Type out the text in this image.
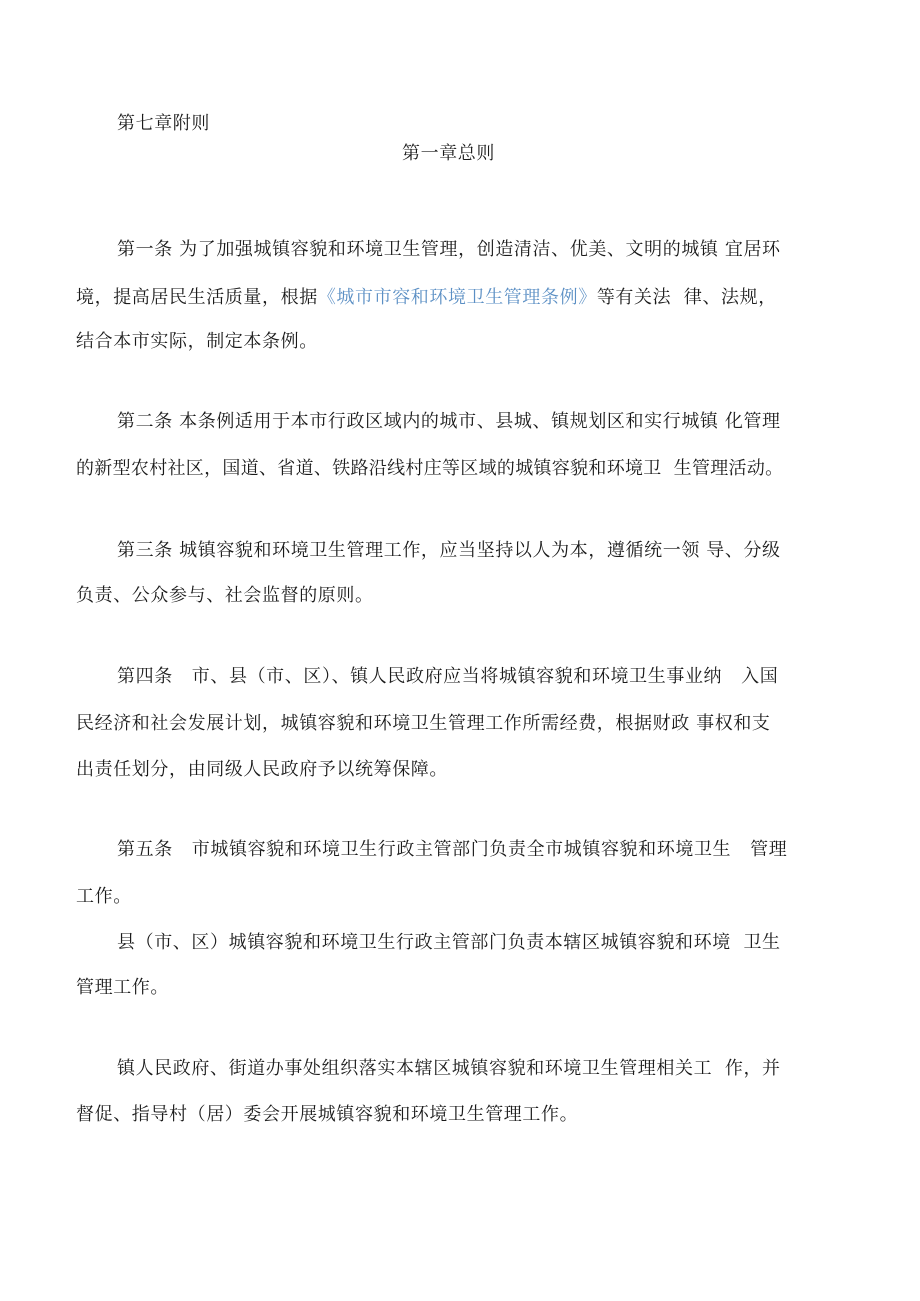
第七章附则
第一章总则
第一条 为了加强城镇容貌和环境卫生管理，创造清洁、优美、文明的城镇 宜居环
境，提高居民生活质量，根据《城市市容和环境卫生管理条例》等有关法  律、法规，
结合本市实际，制定本条例。
第二条 本条例适用于本市行政区域内的城市、县城、镇规划区和实行城镇 化管理
的新型农村社区，国道、省道、铁路沿线村庄等区域的城镇容貌和环境卫  生管理活动。
第三条 城镇容貌和环境卫生管理工作，应当坚持以人为本，遵循统一领 导、分级
负责、公众参与、社会监督的原则。
第四条   市、县（市、区）、镇人民政府应当将城镇容貌和环境卫生事业纳   入国
民经济和社会发展计划，城镇容貌和环境卫生管理工作所需经费，根据财政 事权和支
出责任划分，由同级人民政府予以统筹保障。
第五条   市城镇容貌和环境卫生行政主管部门负责全市城镇容貌和环境卫生   管理
工作。
县（市、区）城镇容貌和环境卫生行政主管部门负责本辖区城镇容貌和环境  卫生
管理工作。
镇人民政府、街道办事处组织落实本辖区城镇容貌和环境卫生管理相关工  作，并
督促、指导村（居）委会开展城镇容貌和环境卫生管理工作。
